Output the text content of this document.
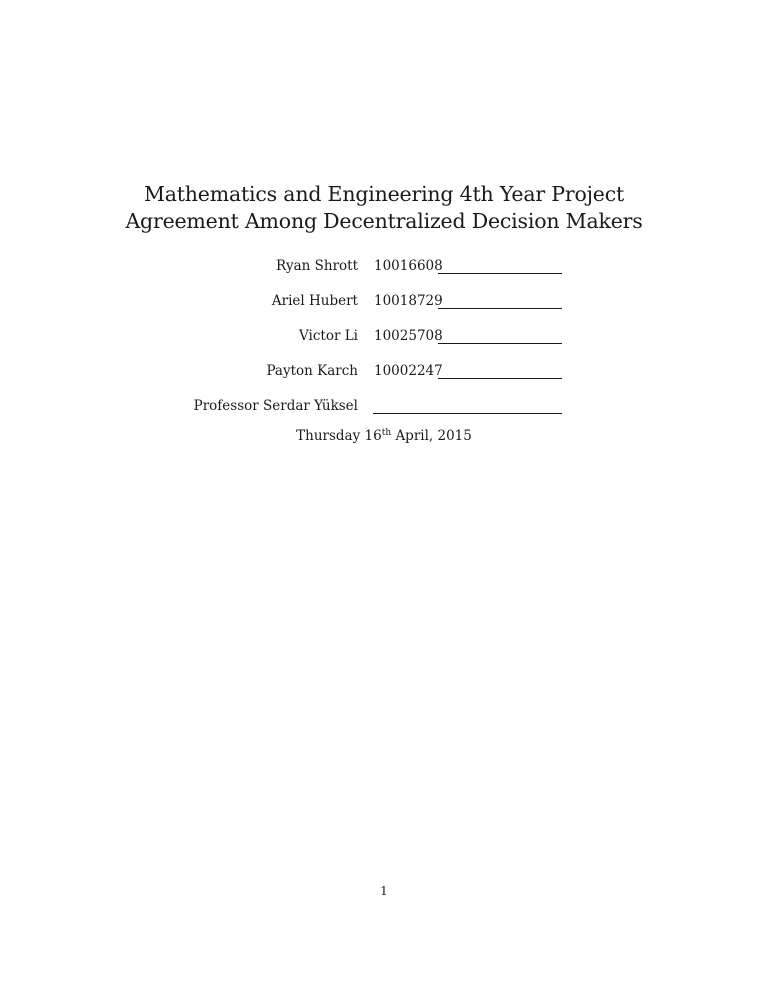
Mathematics and Engineering 4th Year Project
Agreement Among Decentralized Decision Makers
Ryan Shrott 10016608
Ariel Hubert 10018729
Victor Li 10025708
Payton Karch 10002247
Professor Serdar Yüksel
Thursday 16th April, 2015
1
